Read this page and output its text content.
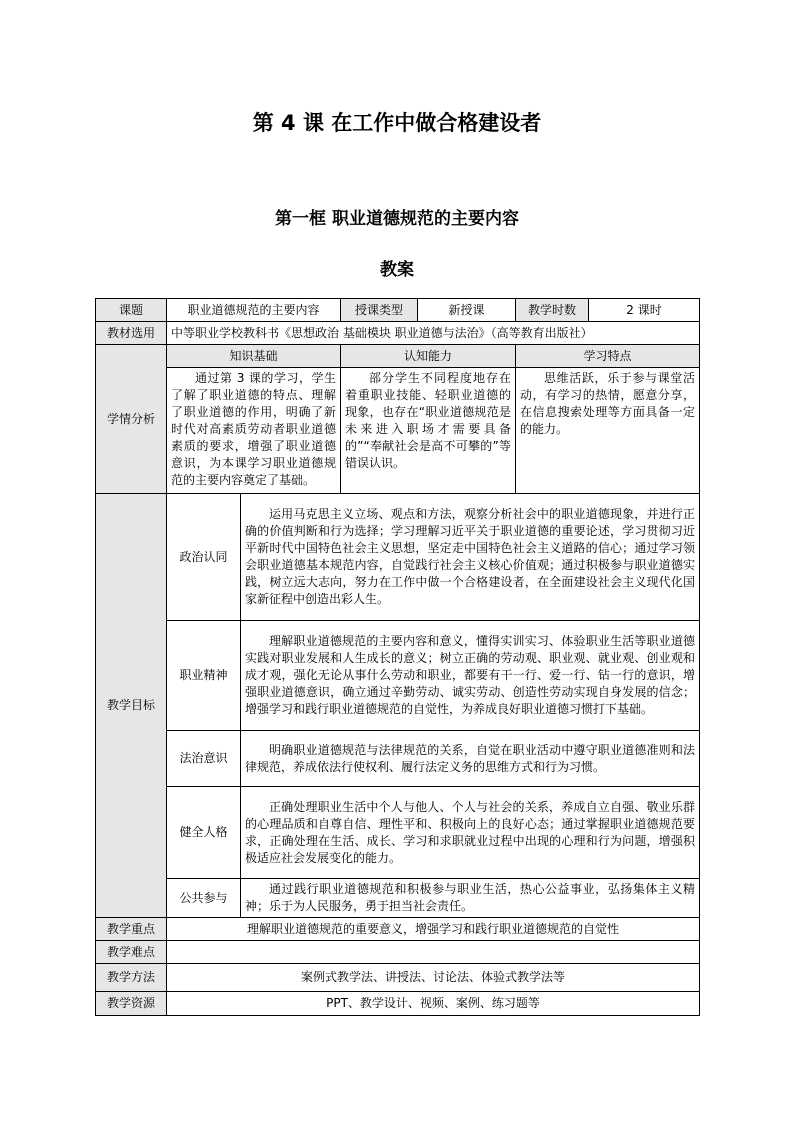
第 4 课 在工作中做合格建设者
第一框 职业道德规范的主要内容
教案
课题	职业道德规范的主要内容		授课类型	新授课	教学时数	2 课时
教材选用	中等职业学校教科书《思想政治 基础模块 职业道德与法治》（高等教育出版社）					
学情分析	知识基础		认知能力		学习特点	
	通过第 3 课的学习，学生了解了职业道德的特点、理解了职业道德的作用，明确了新时代对高素质劳动者职业道德素质的要求，增强了职业道德意识，为本课学习职业道德规范的主要内容奠定了基础。		部分学生不同程度地存在着重职业技能、轻职业道德的现象，也存在“职业道德规范是未来进入职场才需要具备的”“奉献社会是高不可攀的”等错误认识。		思维活跃，乐于参与课堂活动，有学习的热情，愿意分享，在信息搜索处理等方面具备一定的能力。	
教学目标	政治认同	运用马克思主义立场、观点和方法，观察分析社会中的职业道德现象，并进行正确的价值判断和行为选择；学习理解习近平关于职业道德的重要论述，学习贯彻习近平新时代中国特色社会主义思想，坚定走中国特色社会主义道路的信心；通过学习领会职业道德基本规范内容，自觉践行社会主义核心价值观；通过积极参与职业道德实践，树立远大志向，努力在工作中做一个合格建设者，在全面建设社会主义现代化国家新征程中创造出彩人生。				
	职业精神	理解职业道德规范的主要内容和意义，懂得实训实习、体验职业生活等职业道德实践对职业发展和人生成长的意义；树立正确的劳动观、职业观、就业观、创业观和成才观，强化无论从事什么劳动和职业，都要有干一行、爱一行、钻一行的意识，增强职业道德意识，确立通过辛勤劳动、诚实劳动、创造性劳动实现自身发展的信念；增强学习和践行职业道德规范的自觉性，为养成良好职业道德习惯打下基础。				
	法治意识	明确职业道德规范与法律规范的关系，自觉在职业活动中遵守职业道德准则和法律规范，养成依法行使权利、履行法定义务的思维方式和行为习惯。				
	健全人格	正确处理职业生活中个人与他人、个人与社会的关系，养成自立自强、敬业乐群的心理品质和自尊自信、理性平和、积极向上的良好心态；通过掌握职业道德规范要求，正确处理在生活、成长、学习和求职就业过程中出现的心理和行为问题，增强积极适应社会发展变化的能力。				
	公共参与	通过践行职业道德规范和积极参与职业生活，热心公益事业，弘扬集体主义精神；乐于为人民服务，勇于担当社会责任。				
教学重点	理解职业道德规范的重要意义，增强学习和践行职业道德规范的自觉性					
教学难点						
教学方法	案例式教学法、讲授法、讨论法、体验式教学法等					
教学资源	PPT、教学设计、视频、案例、练习题等					
